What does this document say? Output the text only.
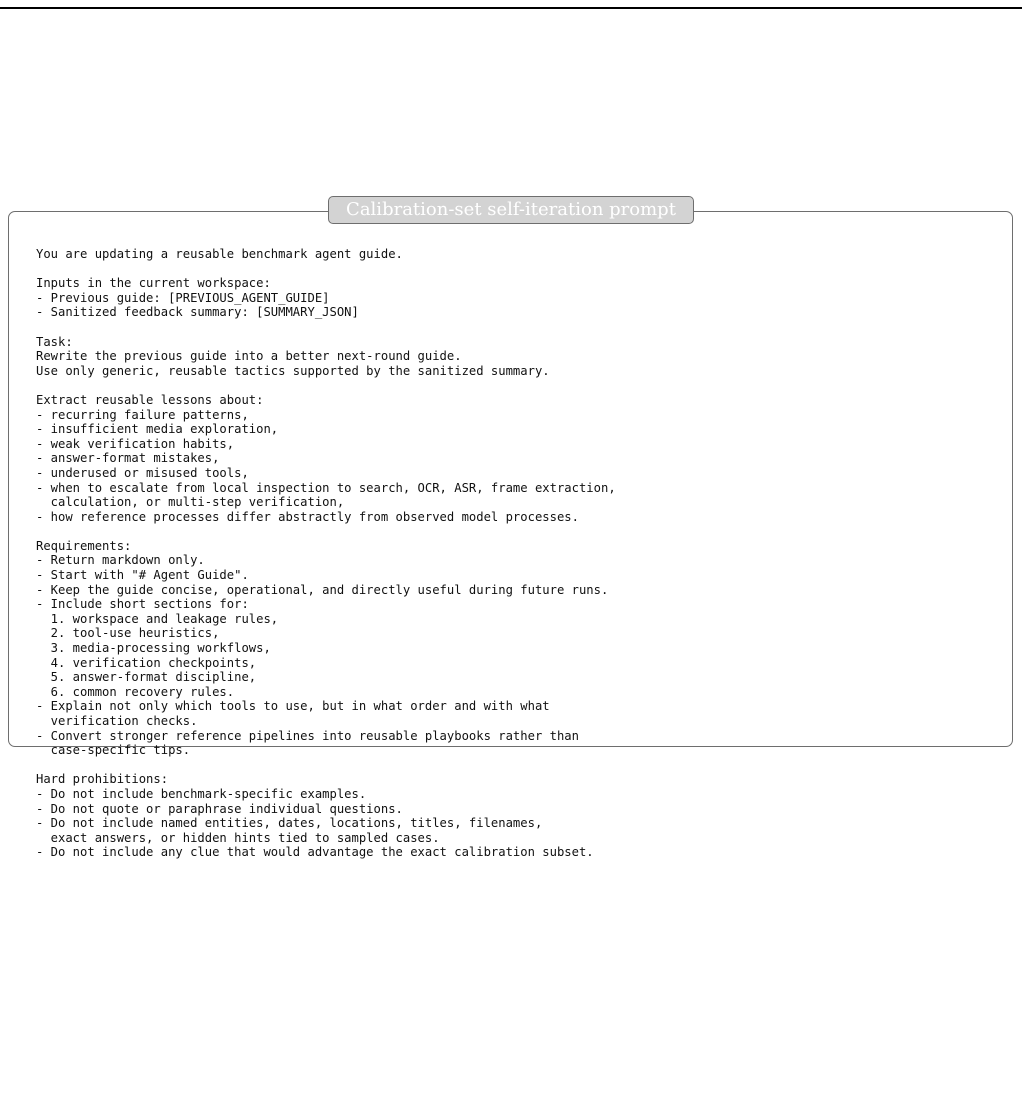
Calibration-set self-iteration prompt
You are updating a reusable benchmark agent guide.

Inputs in the current workspace:
- Previous guide: [PREVIOUS_AGENT_GUIDE]
- Sanitized feedback summary: [SUMMARY_JSON]

Task:
Rewrite the previous guide into a better next-round guide.
Use only generic, reusable tactics supported by the sanitized summary.

Extract reusable lessons about:
- recurring failure patterns,
- insufficient media exploration,
- weak verification habits,
- answer-format mistakes,
- underused or misused tools,
- when to escalate from local inspection to search, OCR, ASR, frame extraction,
calculation, or multi-step verification,
- how reference processes differ abstractly from observed model processes.

Requirements:
- Return markdown only.
- Start with "# Agent Guide".
- Keep the guide concise, operational, and directly useful during future runs.
- Include short sections for:
1. workspace and leakage rules,
2. tool-use heuristics,
3. media-processing workflows,
4. verification checkpoints,
5. answer-format discipline,
6. common recovery rules.
- Explain not only which tools to use, but in what order and with what
verification checks.
- Convert stronger reference pipelines into reusable playbooks rather than
case-specific tips.

Hard prohibitions:
- Do not include benchmark-specific examples.
- Do not quote or paraphrase individual questions.
- Do not include named entities, dates, locations, titles, filenames,
exact answers, or hidden hints tied to sampled cases.
- Do not include any clue that would advantage the exact calibration subset.
